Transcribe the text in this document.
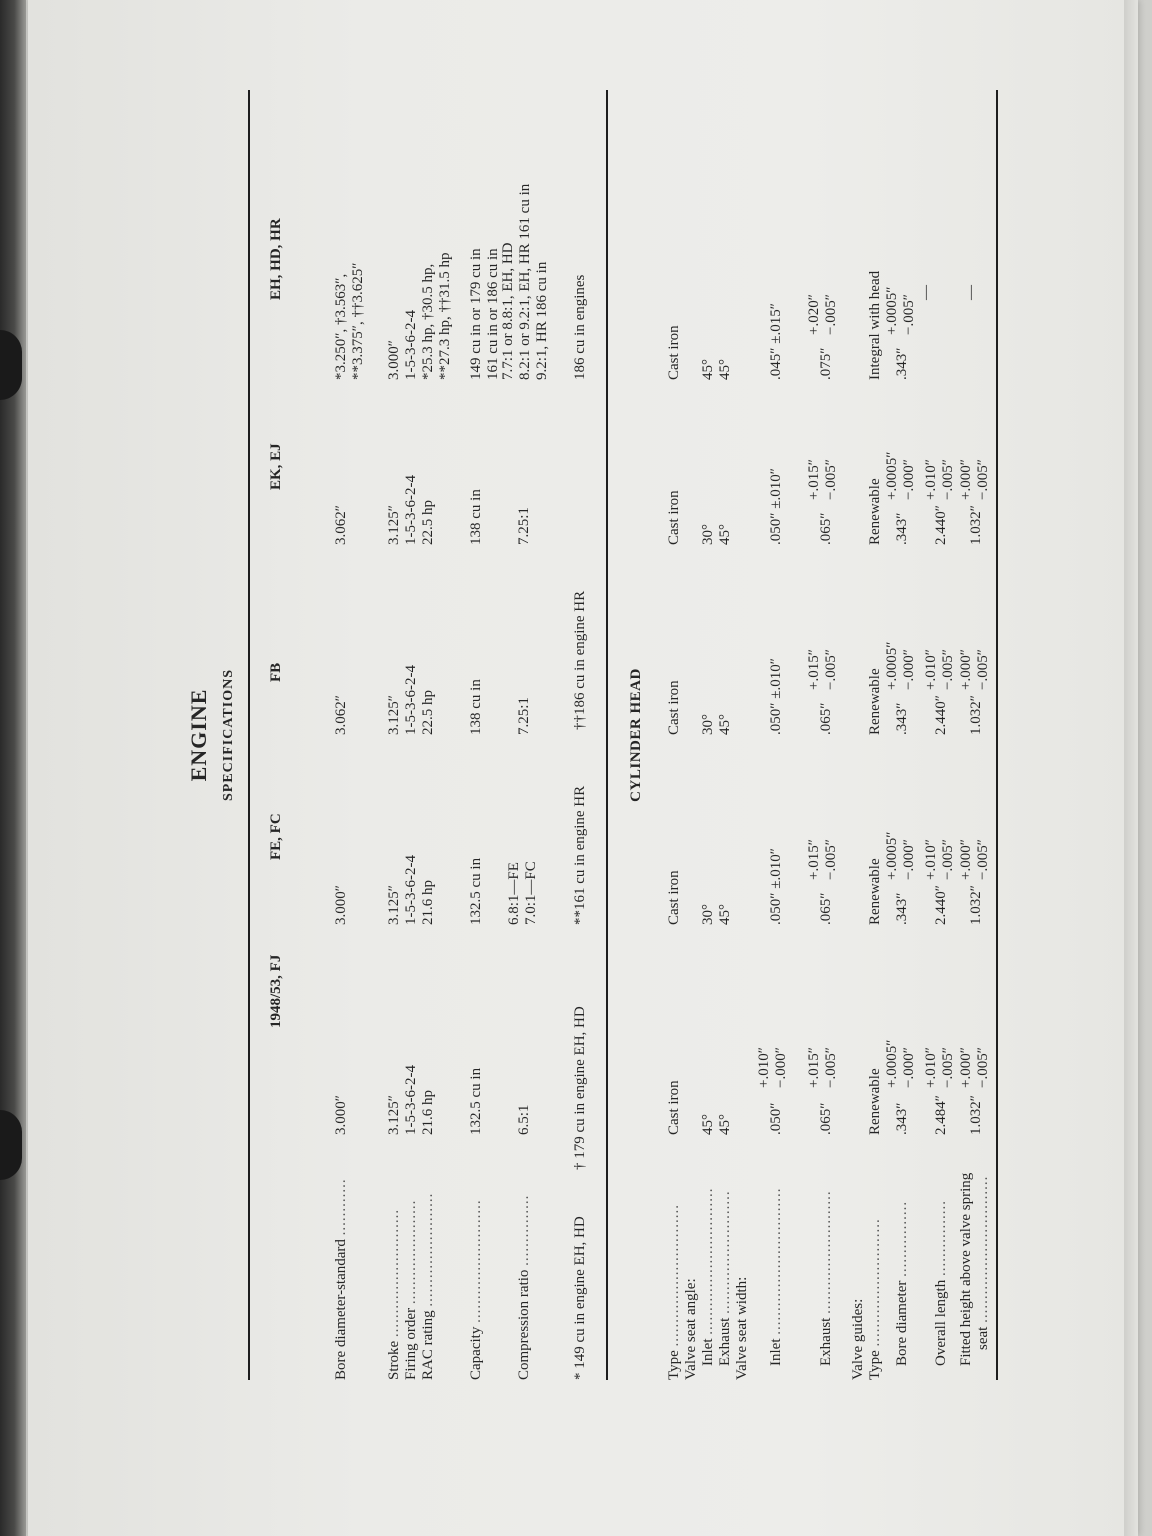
ENGINE SPECIFICATIONS
1948/53, FJ
FE, FC
FB
EK, EJ
EH, HD, HR
Bore diameter-standard ............
3.000″
3.000″
3.062″
3.062″
*3.250″, †3.563″, **3.375″, ††3.625″
Stroke ...........................
3.125″
3.125″
3.125″
3.125″
3.000″
Firing order ......................
1-5-3-6-2-4
1-5-3-6-2-4
1-5-3-6-2-4
1-5-3-6-2-4
1-5-3-6-2-4
RAC rating ........................
21.6 hp
21.6 hp
22.5 hp
22.5 hp
*25.3 hp, †30.5 hp, **27.3 hp, ††31.5 hp
Capacity ..........................
132.5 cu in
132.5 cu in
138 cu in
138 cu in
149 cu in or 179 cu in 161 cu in or 186 cu in
Compression ratio ...............
6.5:1
6.8:1—FE 7.0:1—FC
7.25:1
7.25:1
7.7:1 or 8.8:1, EH, HD 8.2:1 or 9.2:1, EH, HR 161 cu in 9.2:1, HR 186 cu in
* 149 cu in engine EH, HD
† 179 cu in engine EH, HD
**161 cu in engine HR
††186 cu in engine HR
186 cu in engines
CYLINDER HEAD
Type ..............................
Cast iron
Cast iron
Cast iron
Cast iron
Cast iron
Valve seat angle: Inlet ...............................
45°
30°
30°
30°
45°
Exhaust ..........................
45°
45°
45°
45°
45°
Valve seat width: Inlet ...............................
.050″
+.010″ −.000″
.050″ ±.010″
.050″ ±.010″
.050″ ±.010″
.045″ ±.015″
Exhaust ..........................
.065″
+.015″ −.005″
.065″
+.015″ −.005″
.065″
+.015″ −.005″
.065″
+.015″ −.005″
.075″
+.020″ −.005″
Valve guides: Type ...........................
Renewable
Renewable
Renewable
Renewable
Integral with head
Bore diameter ................
.343″
+.0005″ −.000″
.343″
+.0005″ −.000″
.343″
+.0005″ −.000″
.343″
+.0005″ −.000″
.343″
+.0005″ −.005″
Overall length ................
2.484″
+.010″ −.005″
2.440″
+.010″ −.005″
2.440″
+.010″ −.005″
2.440″
+.010″ −.005″
—
Fitted height above valve spring seat ...............................
1.032″
+.000″ −.005″
1.032″
+.000″ −.005″
1.032″
+.000″ −.005″
1.032″
+.000″ −.005″
—
